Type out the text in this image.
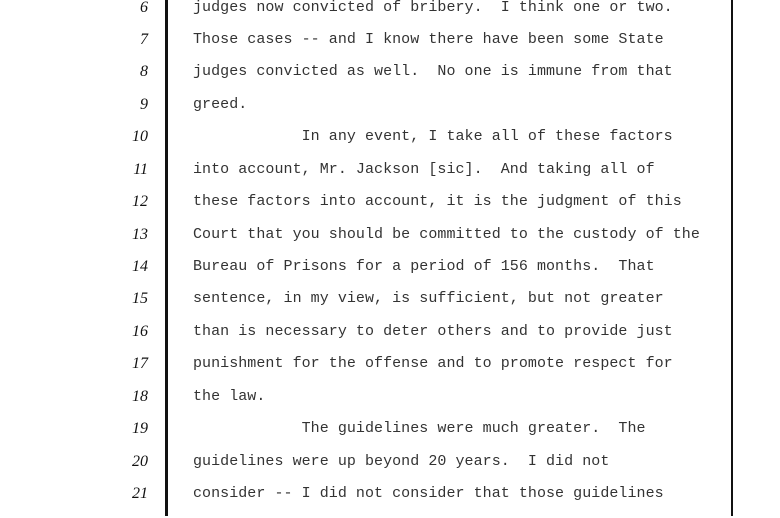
6	judges now convicted of bribery.  I think one or two.
7	Those cases -- and I know there have been some State
8	judges convicted as well.  No one is immune from that
9	greed.
10	In any event, I take all of these factors
11	into account, Mr. Jackson [sic].  And taking all of
12	these factors into account, it is the judgment of this
13	Court that you should be committed to the custody of the
14	Bureau of Prisons for a period of 156 months.  That
15	sentence, in my view, is sufficient, but not greater
16	than is necessary to deter others and to provide just
17	punishment for the offense and to promote respect for
18	the law.
19	The guidelines were much greater.  The
20	guidelines were up beyond 20 years.  I did not
21	consider -- I did not consider that those guidelines
